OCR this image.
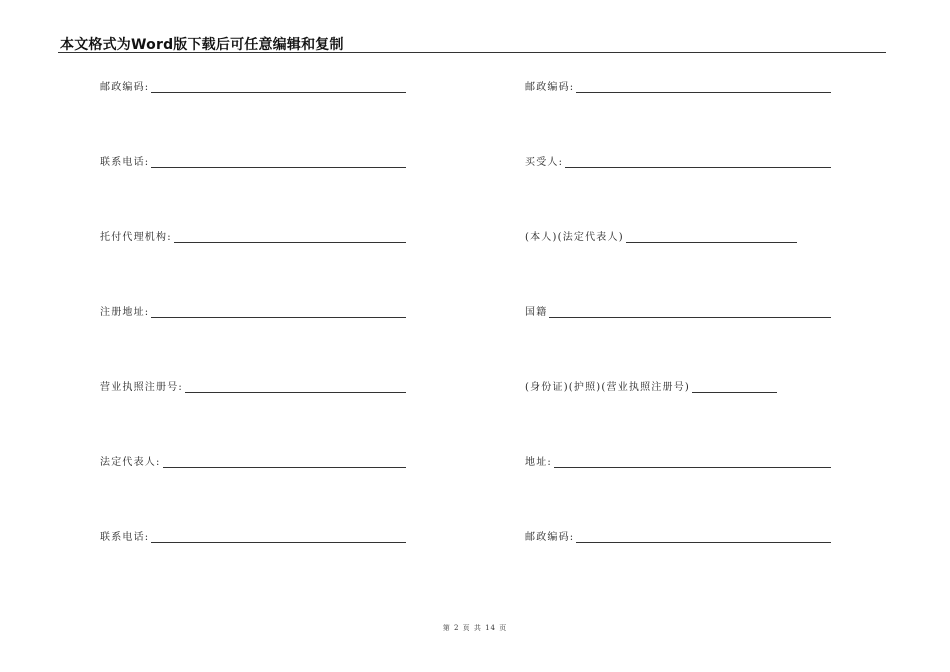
本文格式为Word版下载后可任意编辑和复制
邮政编码:
联系电话:
托付代理机构:
注册地址:
营业执照注册号:
法定代表人:
联系电话:
邮政编码:
买受人:
(本人)(法定代表人)
国籍
(身份证)(护照)(营业执照注册号)
地址:
邮政编码:
第 2 页 共 14 页
